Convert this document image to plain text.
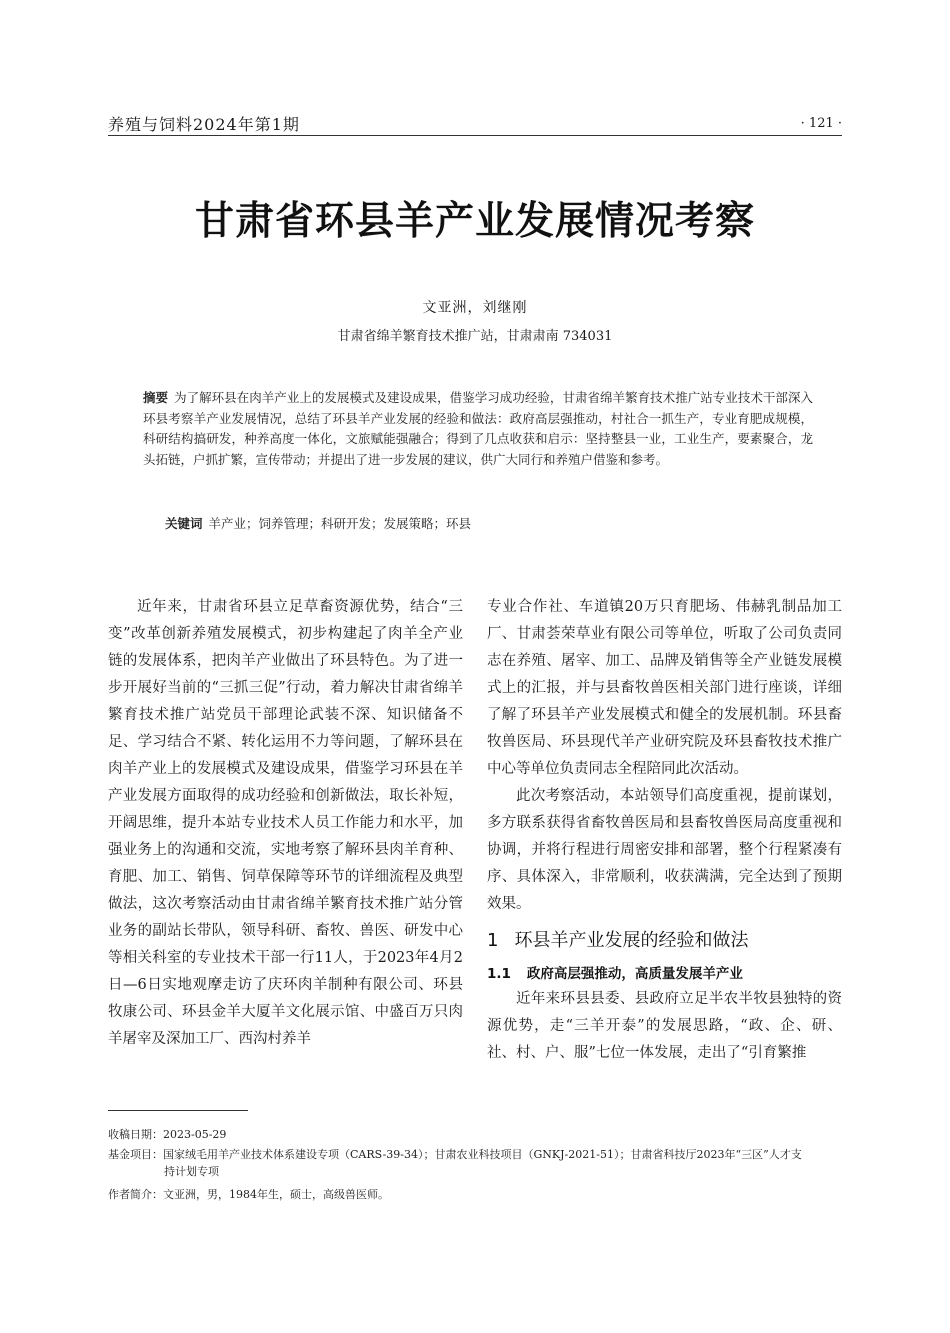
养殖与饲料2024年第1期	· 121 ·
甘肃省环县羊产业发展情况考察
文亚洲，刘继刚
甘肃省绵羊繁育技术推广站，甘肃肃南 734031
摘要 为了解环县在肉羊产业上的发展模式及建设成果，借鉴学习成功经验，甘肃省绵羊繁育技术推广站专业技术干部深入环县考察羊产业发展情况，总结了环县羊产业发展的经验和做法：政府高层强推动，村社合一抓生产，专业育肥成规模，科研结构搞研发，种养高度一体化，文旅赋能强融合；得到了几点收获和启示：坚持整县一业，工业生产，要素聚合，龙头拓链，户抓扩繁，宣传带动；并提出了进一步发展的建议，供广大同行和养殖户借鉴和参考。
关键词 羊产业；饲养管理；科研开发；发展策略；环县

近年来，甘肃省环县立足草畜资源优势，结合“三变”改革创新养殖发展模式，初步构建起了肉羊全产业链的发展体系，把肉羊产业做出了环县特色。为了进一步开展好当前的“三抓三促”行动，着力解决甘肃省绵羊繁育技术推广站党员干部理论武装不深、知识储备不足、学习结合不紧、转化运用不力等问题，了解环县在肉羊产业上的发展模式及建设成果，借鉴学习环县在羊产业发展方面取得的成功经验和创新做法，取长补短，开阔思维，提升本站专业技术人员工作能力和水平，加强业务上的沟通和交流，实地考察了解环县肉羊育种、育肥、加工、销售、饲草保障等环节的详细流程及典型做法，这次考察活动由甘肃省绵羊繁育技术推广站分管业务的副站长带队，领导科研、畜牧、兽医、研发中心等相关科室的专业技术干部一行11人，于2023年4月2日—6日实地观摩走访了庆环肉羊制种有限公司、环县牧康公司、环县金羊大厦羊文化展示馆、中盛百万只肉羊屠宰及深加工厂、西沟村养羊

专业合作社、车道镇20万只育肥场、伟赫乳制品加工厂、甘肃荟荣草业有限公司等单位，听取了公司负责同志在养殖、屠宰、加工、品牌及销售等全产业链发展模式上的汇报，并与县畜牧兽医相关部门进行座谈，详细了解了环县羊产业发展模式和健全的发展机制。环县畜牧兽医局、环县现代羊产业研究院及环县畜牧技术推广中心等单位负责同志全程陪同此次活动。

此次考察活动，本站领导们高度重视，提前谋划，多方联系获得省畜牧兽医局和县畜牧兽医局高度重视和协调，并将行程进行周密安排和部署，整个行程紧凑有序、具体深入，非常顺利，收获满满，完全达到了预期效果。

1 环县羊产业发展的经验和做法
1.1 政府高层强推动，高质量发展羊产业

近年来环县县委、县政府立足半农半牧县独特的资源优势，走“三羊开泰”的发展思路，“政、企、研、社、村、户、服”七位一体发展，走出了“引育繁推

收稿日期：2023-05-29
基金项目：国家绒毛用羊产业技术体系建设专项（CARS-39-34）；甘肃农业科技项目（GNKJ-2021-51）；甘肃省科技厅2023年“三区”人才支
持计划专项
作者简介：文亚洲，男，1984年生，硕士，高级兽医师。
